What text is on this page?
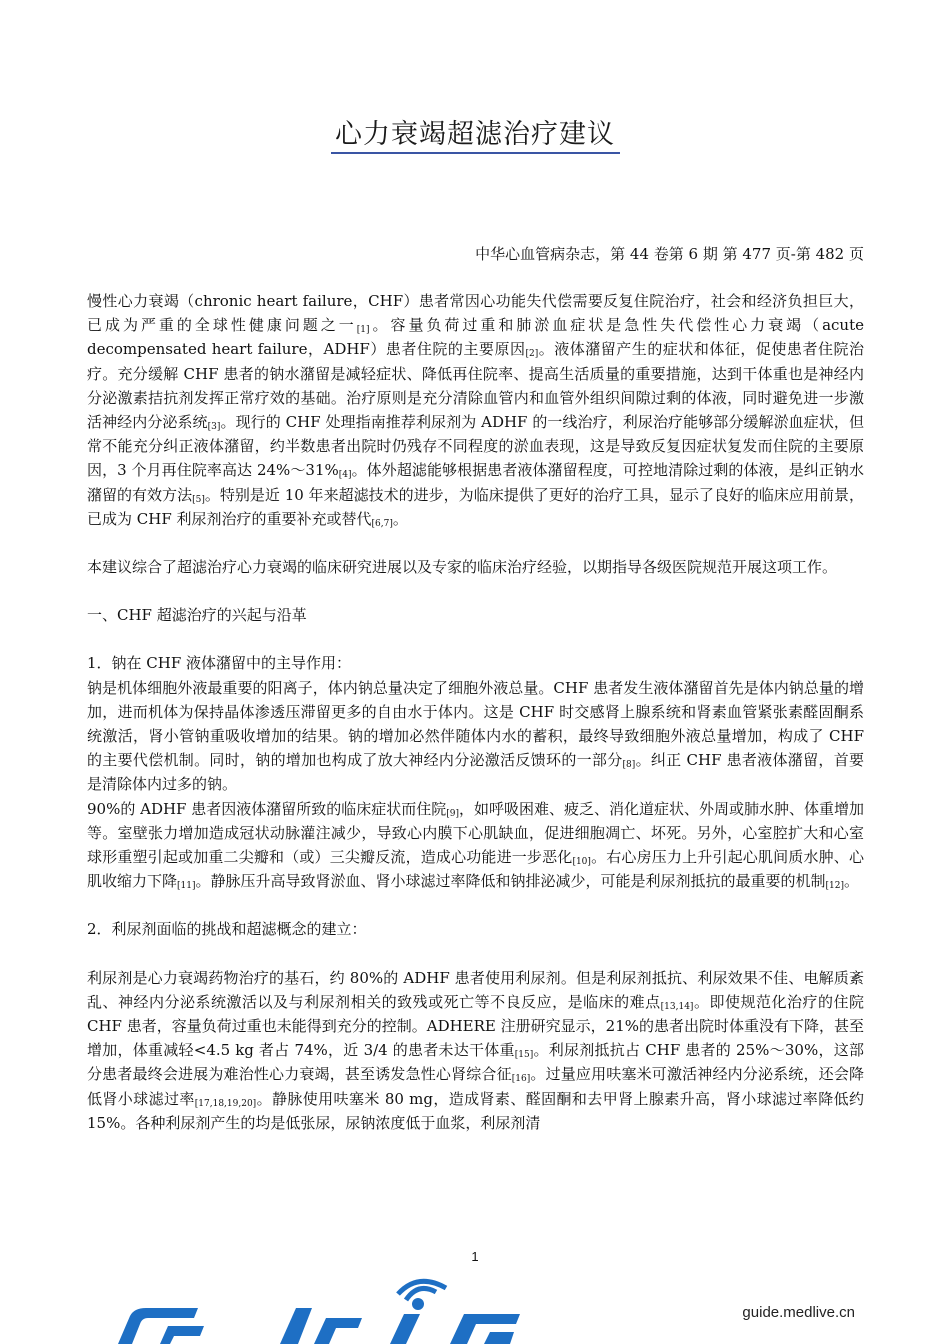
心力衰竭超滤治疗建议
中华心血管病杂志，第 44 卷第 6 期 第 477 页-第 482 页

慢性心力衰竭（chronic heart failure，CHF）患者常因心功能失代偿需要反复住院治疗，社会和经济负担巨大，已成为严重的全球性健康问题之一[1]。容量负荷过重和肺淤血症状是急性失代偿性心力衰竭（acute decompensated heart failure，ADHF）患者住院的主要原因[2]。液体潴留产生的症状和体征，促使患者住院治疗。充分缓解 CHF 患者的钠水潴留是减轻症状、降低再住院率、提高生活质量的重要措施，达到干体重也是神经内分泌激素拮抗剂发挥正常疗效的基础。治疗原则是充分清除血管内和血管外组织间隙过剩的体液，同时避免进一步激活神经内分泌系统[3]。现行的 CHF 处理指南推荐利尿剂为 ADHF 的一线治疗，利尿治疗能够部分缓解淤血症状，但常不能充分纠正液体潴留，约半数患者出院时仍残存不同程度的淤血表现，这是导致反复因症状复发而住院的主要原因，3 个月再住院率高达 24%～31%[4]。体外超滤能够根据患者液体潴留程度，可控地清除过剩的体液，是纠正钠水潴留的有效方法[5]。特别是近 10 年来超滤技术的进步，为临床提供了更好的治疗工具，显示了良好的临床应用前景，已成为 CHF 利尿剂治疗的重要补充或替代[6,7]。

本建议综合了超滤治疗心力衰竭的临床研究进展以及专家的临床治疗经验，以期指导各级医院规范开展这项工作。

一、CHF 超滤治疗的兴起与沿革

1．钠在 CHF 液体潴留中的主导作用：

钠是机体细胞外液最重要的阳离子，体内钠总量决定了细胞外液总量。CHF 患者发生液体潴留首先是体内钠总量的增加，进而机体为保持晶体渗透压滞留更多的自由水于体内。这是 CHF 时交感肾上腺系统和肾素血管紧张素醛固酮系统激活，肾小管钠重吸收增加的结果。钠的增加必然伴随体内水的蓄积，最终导致细胞外液总量增加，构成了 CHF 的主要代偿机制。同时，钠的增加也构成了放大神经内分泌激活反馈环的一部分[8]。纠正 CHF 患者液体潴留，首要是清除体内过多的钠。

90%的 ADHF 患者因液体潴留所致的临床症状而住院[9]，如呼吸困难、疲乏、消化道症状、外周或肺水肿、体重增加等。室壁张力增加造成冠状动脉灌注减少，导致心内膜下心肌缺血，促进细胞凋亡、坏死。另外，心室腔扩大和心室球形重塑引起或加重二尖瓣和（或）三尖瓣反流，造成心功能进一步恶化[10]。右心房压力上升引起心肌间质水肿、心肌收缩力下降[11]。静脉压升高导致肾淤血、肾小球滤过率降低和钠排泌减少，可能是利尿剂抵抗的最重要的机制[12]。

2．利尿剂面临的挑战和超滤概念的建立：

利尿剂是心力衰竭药物治疗的基石，约 80%的 ADHF 患者使用利尿剂。但是利尿剂抵抗、利尿效果不佳、电解质紊乱、神经内分泌系统激活以及与利尿剂相关的致残或死亡等不良反应，是临床的难点[13,14]。即使规范化治疗的住院 CHF 患者，容量负荷过重也未能得到充分的控制。ADHERE 注册研究显示，21%的患者出院时体重没有下降，甚至增加，体重减轻<4.5 kg 者占 74%，近 3/4 的患者未达干体重[15]。利尿剂抵抗占 CHF 患者的 25%～30%，这部分患者最终会进展为难治性心力衰竭，甚至诱发急性心肾综合征[16]。过量应用呋塞米可激活神经内分泌系统，还会降低肾小球滤过率[17,18,19,20]。静脉使用呋塞米 80 mg，造成肾素、醛固酮和去甲肾上腺素升高，肾小球滤过率降低约 15%。各种利尿剂产生的均是低张尿，尿钠浓度低于血浆，利尿剂清

1
guide.medlive.cn
